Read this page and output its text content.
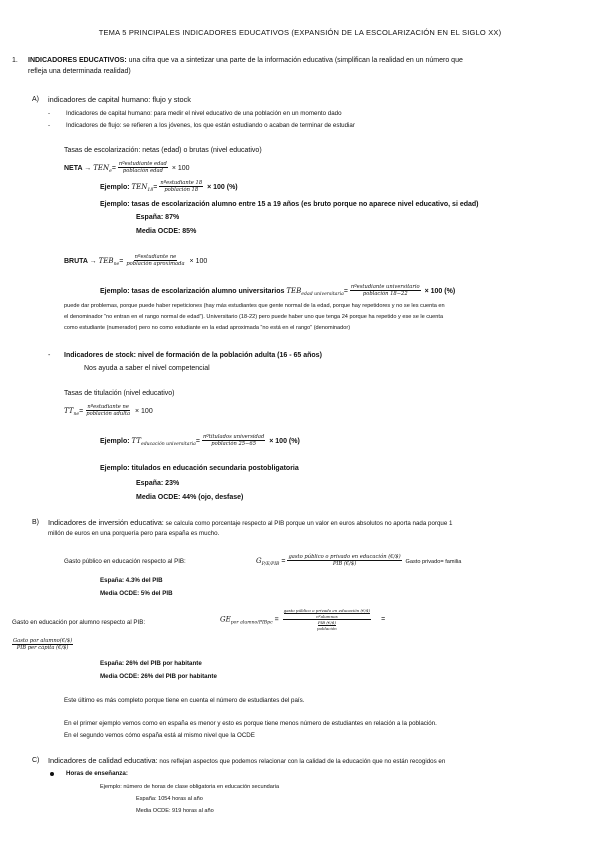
TEMA 5 PRINCIPALES INDICADORES EDUCATIVOS (EXPANSIÓN DE LA ESCOLARIZACIÓN EN EL SIGLO XX)
1. INDICADORES EDUCATIVOS: una cifra que va a sintetizar una parte de la información educativa (simplifican la realidad en un número que
refleja una determinada realidad)
A) indicadores de capital humano: flujo y stock
-	Indicadores de capital humano: para medir el nivel educativo de una población en un momento dado
-	Indicadores de flujo: se refieren a los jóvenes, los que están estudiando o acaban de terminar de estudiar
Tasas de escolarización: netas (edad) o brutas (nivel educativo)
NETA → $TEN_e= \frac{\text{nºestudiante edad}}{\text{población edad}} \times 100$
Ejemplo: $TEN_{18}= \frac{\text{nºestudiante 18}}{\text{población 18}} \times 100$ (%)
Ejemplo: tasas de escolarización alumno entre 15 a 19 años (es bruto porque no aparece nivel educativo, si edad)
España: 87%
Media OCDE: 85%
BRUTA → $TEB_{ne}= \frac{\text{nºestudiante ne}}{\text{población aproximada}} \times 100$
Ejemplo: tasas de escolarización alumno universitarios $TEB_{edad universitaria}= \frac{\text{nºestudiante universitario}}{\text{población 18−22}} \times 100$ (%)
puede dar problemas, porque puede haber repeticiones (hay más estudiantes que gente normal de la edad, porque hay repetidores y no se les cuenta en
el denominador “no entran en el rango normal de edad”). Universitario (18-22) pero puede haber uno que tenga 24 porque ha repetido y ese se le cuenta
como estudiante (numerador) pero no como estudiante en la edad aproximada “no está en el rango” (denominador)
- Indicadores de stock: nivel de formación de la población adulta (16 - 65 años)
Nos ayuda a saber el nivel competencial
Tasas de titulación (nivel educativo)
$TT_{ne}= \frac{\text{nºestudiante ne}}{\text{población adulta}} \times 100$
Ejemplo: $TT_{educación universitaria}= \frac{\text{nºtitulados universidad}}{\text{población 25−65}} \times 100$ (%)
Ejemplo: titulados en educación secundaria postobligatoria
España: 23%
Media OCDE: 44% (ojo, desfase)
B) Indicadores de inversión educativa: se calcula como porcentaje respecto al PIB porque un valor en euros absolutos no aporta nada porque 1
millón de euros en una porquería pero para españa es mucho.
Gasto público en educación respecto al PIB:	$G_{P/E/PIB} = \frac{\text{gasto público o privado en educación (€/\$)}}{\text{PIB (€/\$)}}$ Gasto privado= familia
España: 4.3% del PIB
Media OCDE: 5% del PIB
Gasto en educación por alumno respecto al PIB:	$GE_{por alumno/PIBpc}$ = gasto público o privado en educación (€/$)
nºalumnos
PIB (€/$)
población =
$\frac{\text{Gasto por alumno(€/\$)}}{\text{PIB per cápita (€/\$)}}$
España: 26% del PIB por habitante
Media OCDE: 26% del PIB por habitante
Este último es más completo porque tiene en cuenta el número de estudiantes del país.
En el primer ejemplo vemos como en españa es menor y esto es porque tiene menos número de estudiantes en relación a la población.
En el segundo vemos cómo españa está al mismo nivel que la OCDE
C) Indicadores de calidad educativa: nos reflejan aspectos que podemos relacionar con la calidad de la educación que no están recogidos en
Horas de enseñanza:
Ejemplo: número de horas de clase obligatoria en educación secundaria
España: 1054 horas al año
Media OCDE: 919 horas al año
